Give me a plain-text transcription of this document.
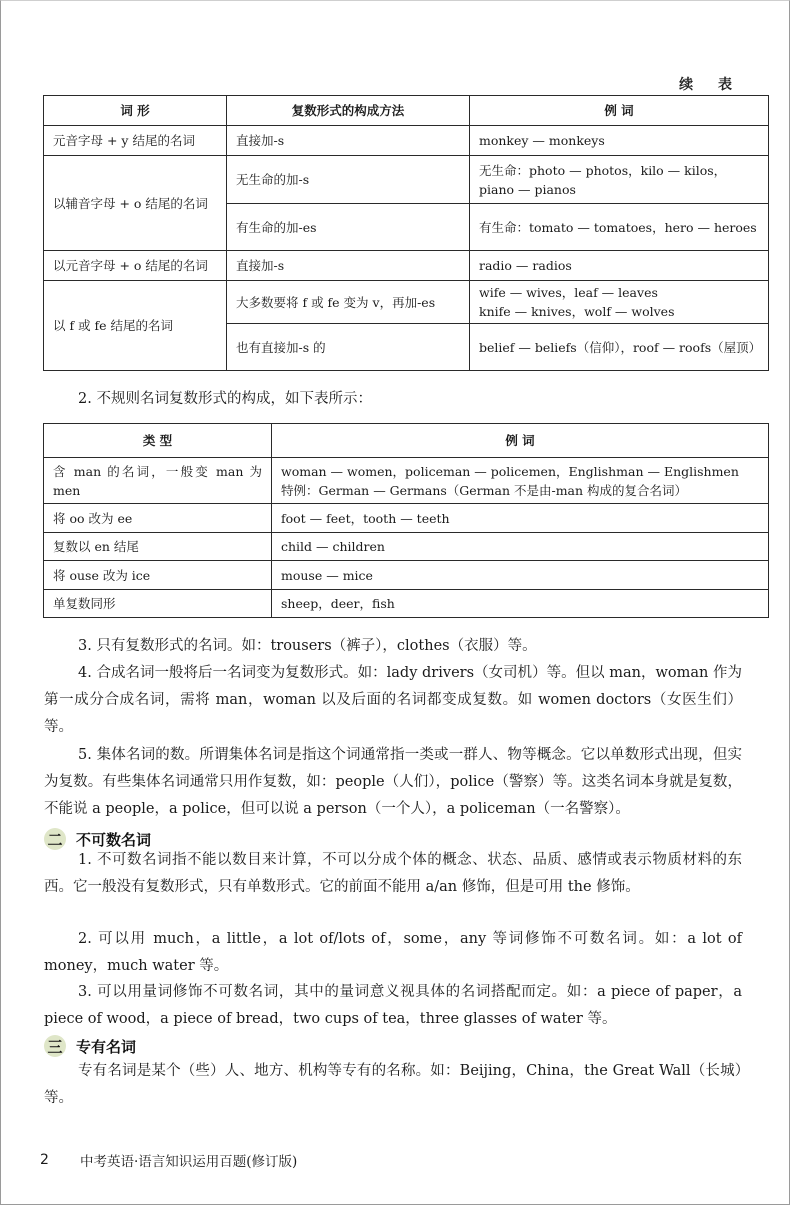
续 表
词 形	复数形式的构成方法	例 词
元音字母 + y 结尾的名词	直接加-s	monkey — monkeys
以辅音字母 + o 结尾的名词	无生命的加-s	无生命：photo — photos，kilo — kilos，piano — pianos
	有生命的加-es	有生命：tomato — tomatoes，hero — heroes
以元音字母 + o 结尾的名词	直接加-s	radio — radios
以 f 或 fe 结尾的名词	大多数要将 f 或 fe 变为 v，再加-es	wife — wives，leaf — leaves
knife — knives，wolf — wolves

	也有直接加-s 的	belief — beliefs（信仰），roof — roofs（屋顶）
2. 不规则名词复数形式的构成，如下表所示：
类 型	例 词
含 man 的名词，一般变 man 为 men	woman — women，policeman — policemen，Englishman — Englishmen
特例：German — Germans（German 不是由-man 构成的复合名词）

将 oo 改为 ee	foot — feet，tooth — teeth
复数以 en 结尾	child — children
将 ouse 改为 ice	mouse — mice
单复数同形	sheep，deer，fish
3. 只有复数形式的名词。如：trousers（裤子），clothes（衣服）等。
4. 合成名词一般将后一名词变为复数形式。如：lady drivers（女司机）等。但以 man，woman 作为第一成分合成名词，需将 man，woman 以及后面的名词都变成复数。如 women doctors（女医生们）等。
5. 集体名词的数。所谓集体名词是指这个词通常指一类或一群人、物等概念。它以单数形式出现，但实为复数。有些集体名词通常只用作复数，如：people（人们），police（警察）等。这类名词本身就是复数，不能说 a people，a police，但可以说 a person（一个人），a policeman（一名警察）。
二 不可数名词
1. 不可数名词指不能以数目来计算，不可以分成个体的概念、状态、品质、感情或表示物质材料的东西。它一般没有复数形式，只有单数形式。它的前面不能用 a/an 修饰，但是可用 the 修饰。
2. 可以用 much，a little，a lot of/lots of，some，any 等词修饰不可数名词。如：a lot of money，much water 等。
3. 可以用量词修饰不可数名词，其中的量词意义视具体的名词搭配而定。如：a piece of paper，a piece of wood，a piece of bread，two cups of tea，three glasses of water 等。
三 专有名词
专有名词是某个（些）人、地方、机构等专有的名称。如：Beijing，China，the Great Wall（长城）等。
2	中考英语·语言知识运用百题(修订版)
